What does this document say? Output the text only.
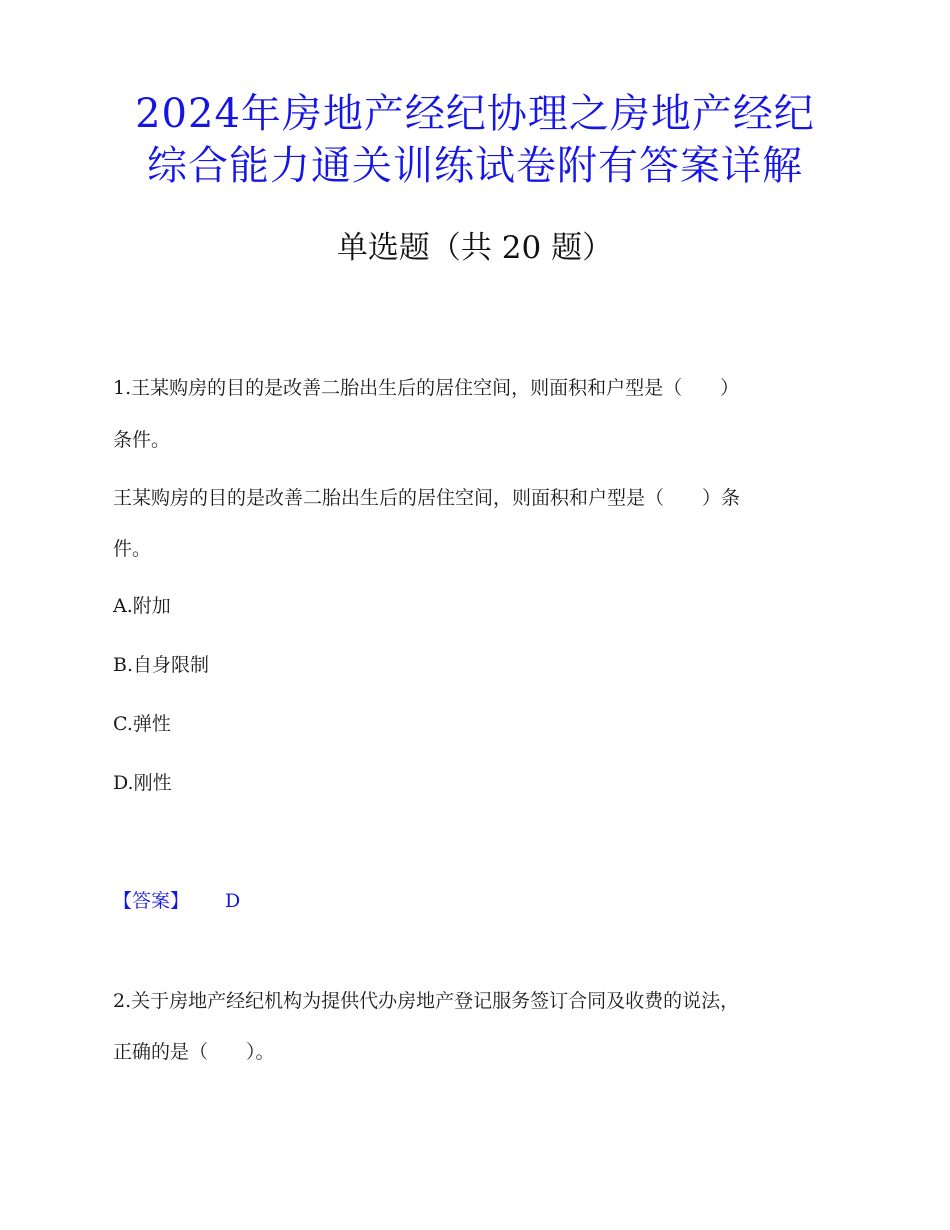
2024年房地产经纪协理之房地产经纪
综合能力通关训练试卷附有答案详解
单选题（共 20 题）
1.王某购房的目的是改善二胎出生后的居住空间，则面积和户型是（　　）
条件。
王某购房的目的是改善二胎出生后的居住空间，则面积和户型是（　　）条
件。
A.附加
B.自身限制
C.弹性
D.刚性
【答案】 D
2.关于房地产经纪机构为提供代办房地产登记服务签订合同及收费的说法，
正确的是（　　）。
